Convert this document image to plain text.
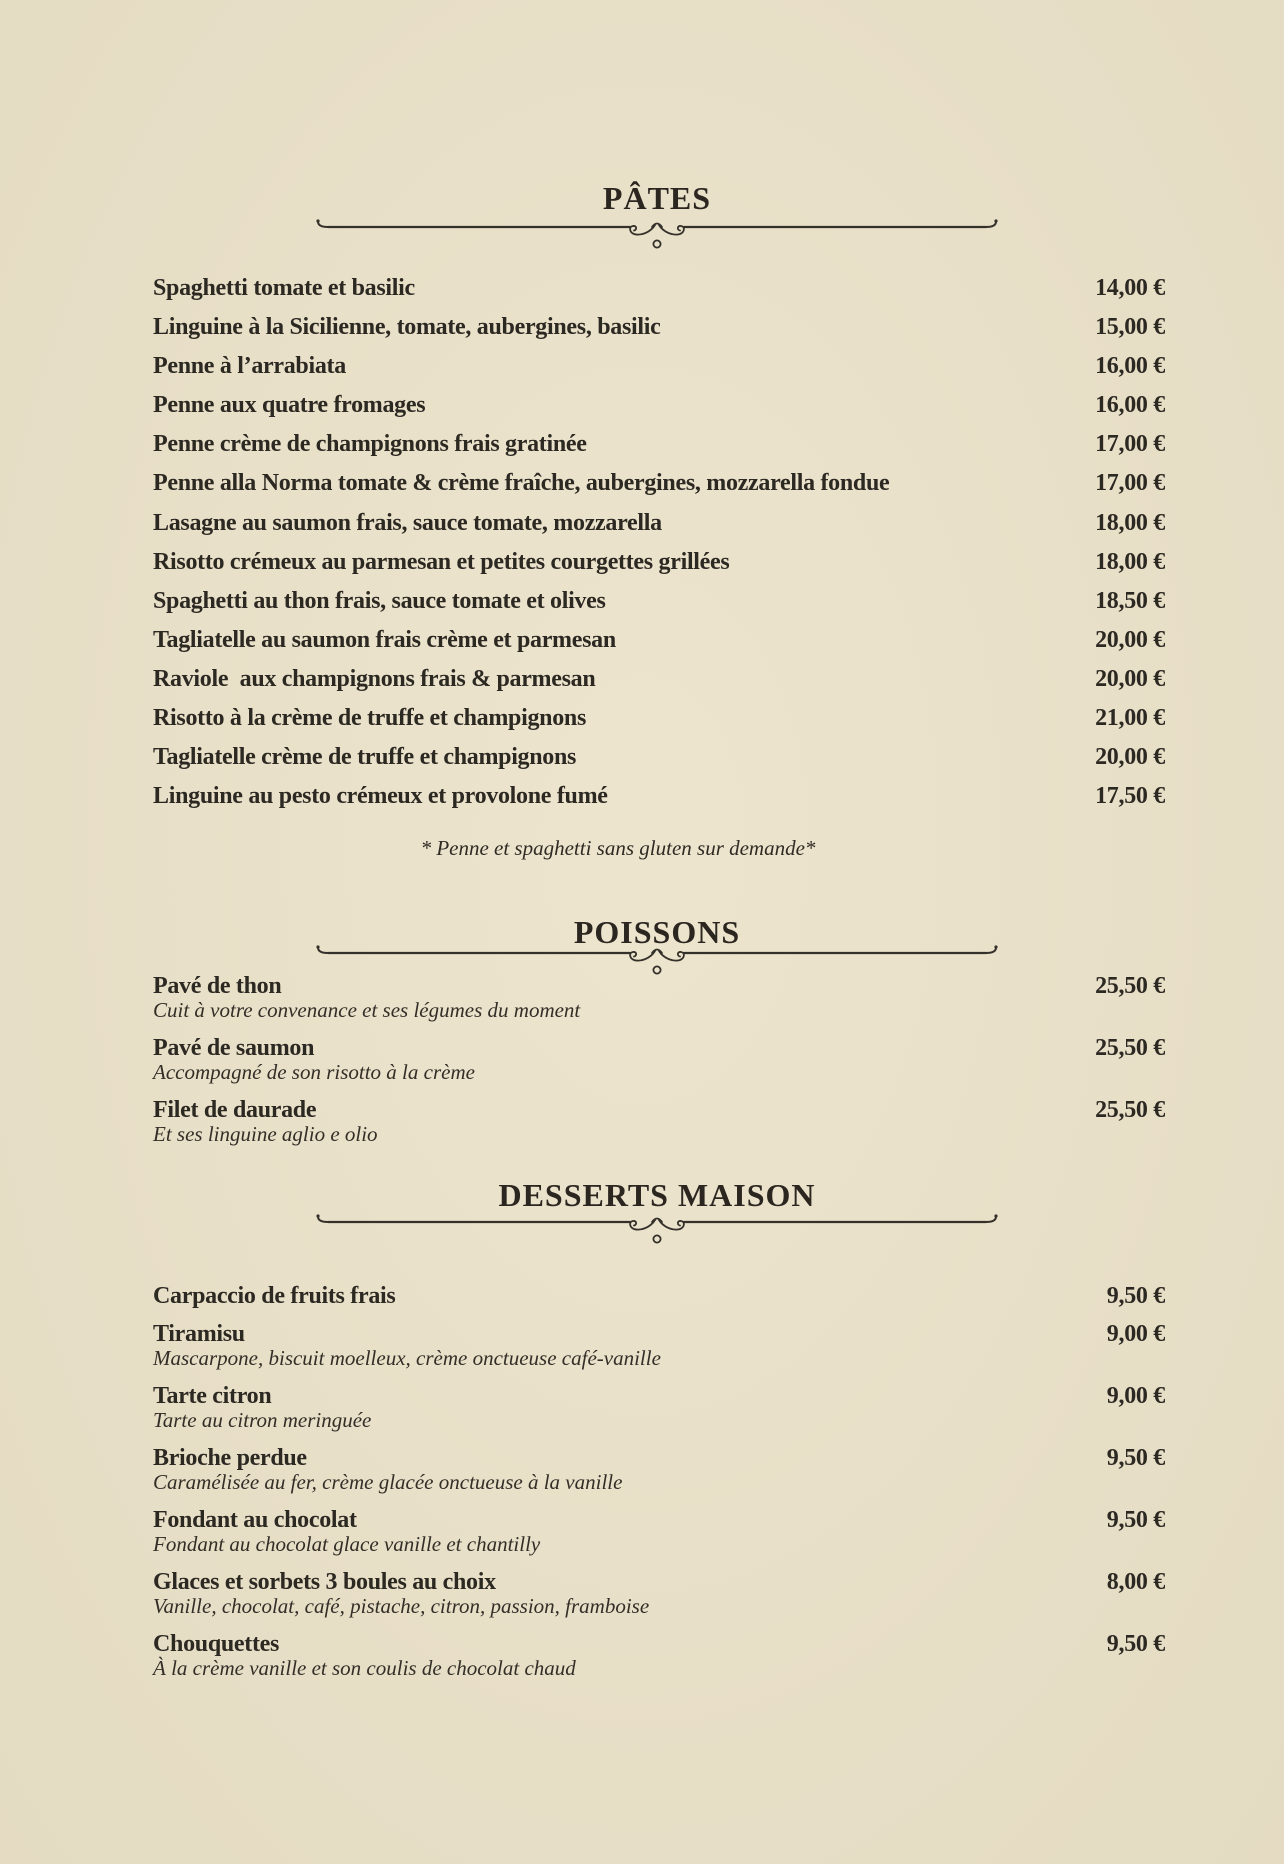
PÂTES
Spaghetti tomate et basilic	14,00 €
Linguine à la Sicilienne, tomate, aubergines, basilic	15,00 €
Penne à l’arrabiata	16,00 €
Penne aux quatre fromages	16,00 €
Penne crème de champignons frais gratinée	17,00 €
Penne alla Norma tomate & crème fraîche, aubergines, mozzarella fondue	17,00 €
Lasagne au saumon frais, sauce tomate, mozzarella	18,00 €
Risotto crémeux au parmesan et petites courgettes grillées	18,00 €
Spaghetti au thon frais, sauce tomate et olives	18,50 €
Tagliatelle au saumon frais crème et parmesan	20,00 €
Raviole  aux champignons frais & parmesan	20,00 €
Risotto à la crème de truffe et champignons	21,00 €
Tagliatelle crème de truffe et champignons	20,00 €
Linguine au pesto crémeux et provolone fumé	17,50 €
* Penne et spaghetti sans gluten sur demande*
POISSONS
Pavé de thon	25,50 €
Cuit à votre convenance et ses légumes du moment
Pavé de saumon	25,50 €
Accompagné de son risotto à la crème
Filet de daurade	25,50 €
Et ses linguine aglio e olio
DESSERTS MAISON
Carpaccio de fruits frais	9,50 €
Tiramisu	9,00 €
Mascarpone, biscuit moelleux, crème onctueuse café-vanille
Tarte citron	9,00 €
Tarte au citron meringuée
Brioche perdue	9,50 €
Caramélisée au fer, crème glacée onctueuse à la vanille
Fondant au chocolat	9,50 €
Fondant au chocolat glace vanille et chantilly
Glaces et sorbets 3 boules au choix	8,00 €
Vanille, chocolat, café, pistache, citron, passion, framboise
Chouquettes	9,50 €
À la crème vanille et son coulis de chocolat chaud
